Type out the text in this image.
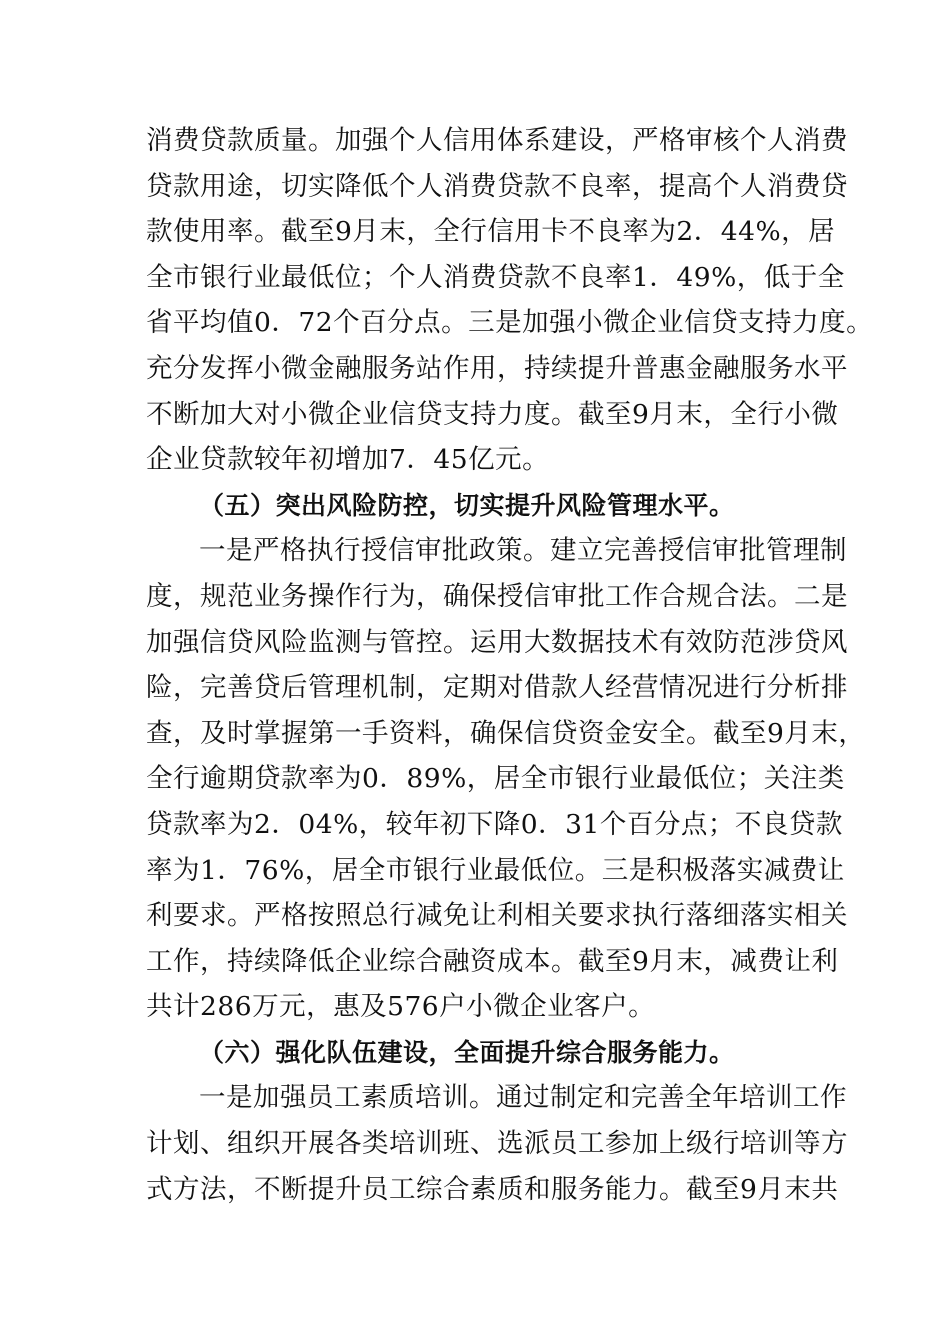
消费贷款质量。加强个人信用体系建设，严格审核个人消费
贷款用途，切实降低个人消费贷款不良率，提高个人消费贷
款使用率。截至9月末，全行信用卡不良率为2．44%，居
全市银行业最低位；个人消费贷款不良率1．49%，低于全
省平均值0．72个百分点。三是加强小微企业信贷支持力度。
充分发挥小微金融服务站作用，持续提升普惠金融服务水平
不断加大对小微企业信贷支持力度。截至9月末，全行小微
企业贷款较年初增加7．45亿元。
（五）突出风险防控，切实提升风险管理水平。
一是严格执行授信审批政策。建立完善授信审批管理制
度，规范业务操作行为，确保授信审批工作合规合法。二是
加强信贷风险监测与管控。运用大数据技术有效防范涉贷风
险，完善贷后管理机制，定期对借款人经营情况进行分析排
查，及时掌握第一手资料，确保信贷资金安全。截至9月末，
全行逾期贷款率为0．89%，居全市银行业最低位；关注类
贷款率为2．04%，较年初下降0．31个百分点；不良贷款
率为1．76%，居全市银行业最低位。三是积极落实减费让
利要求。严格按照总行减免让利相关要求执行落细落实相关
工作，持续降低企业综合融资成本。截至9月末，减费让利
共计286万元，惠及576户小微企业客户。
（六）强化队伍建设，全面提升综合服务能力。
一是加强员工素质培训。通过制定和完善全年培训工作
计划、组织开展各类培训班、选派员工参加上级行培训等方
式方法，不断提升员工综合素质和服务能力。截至9月末共
